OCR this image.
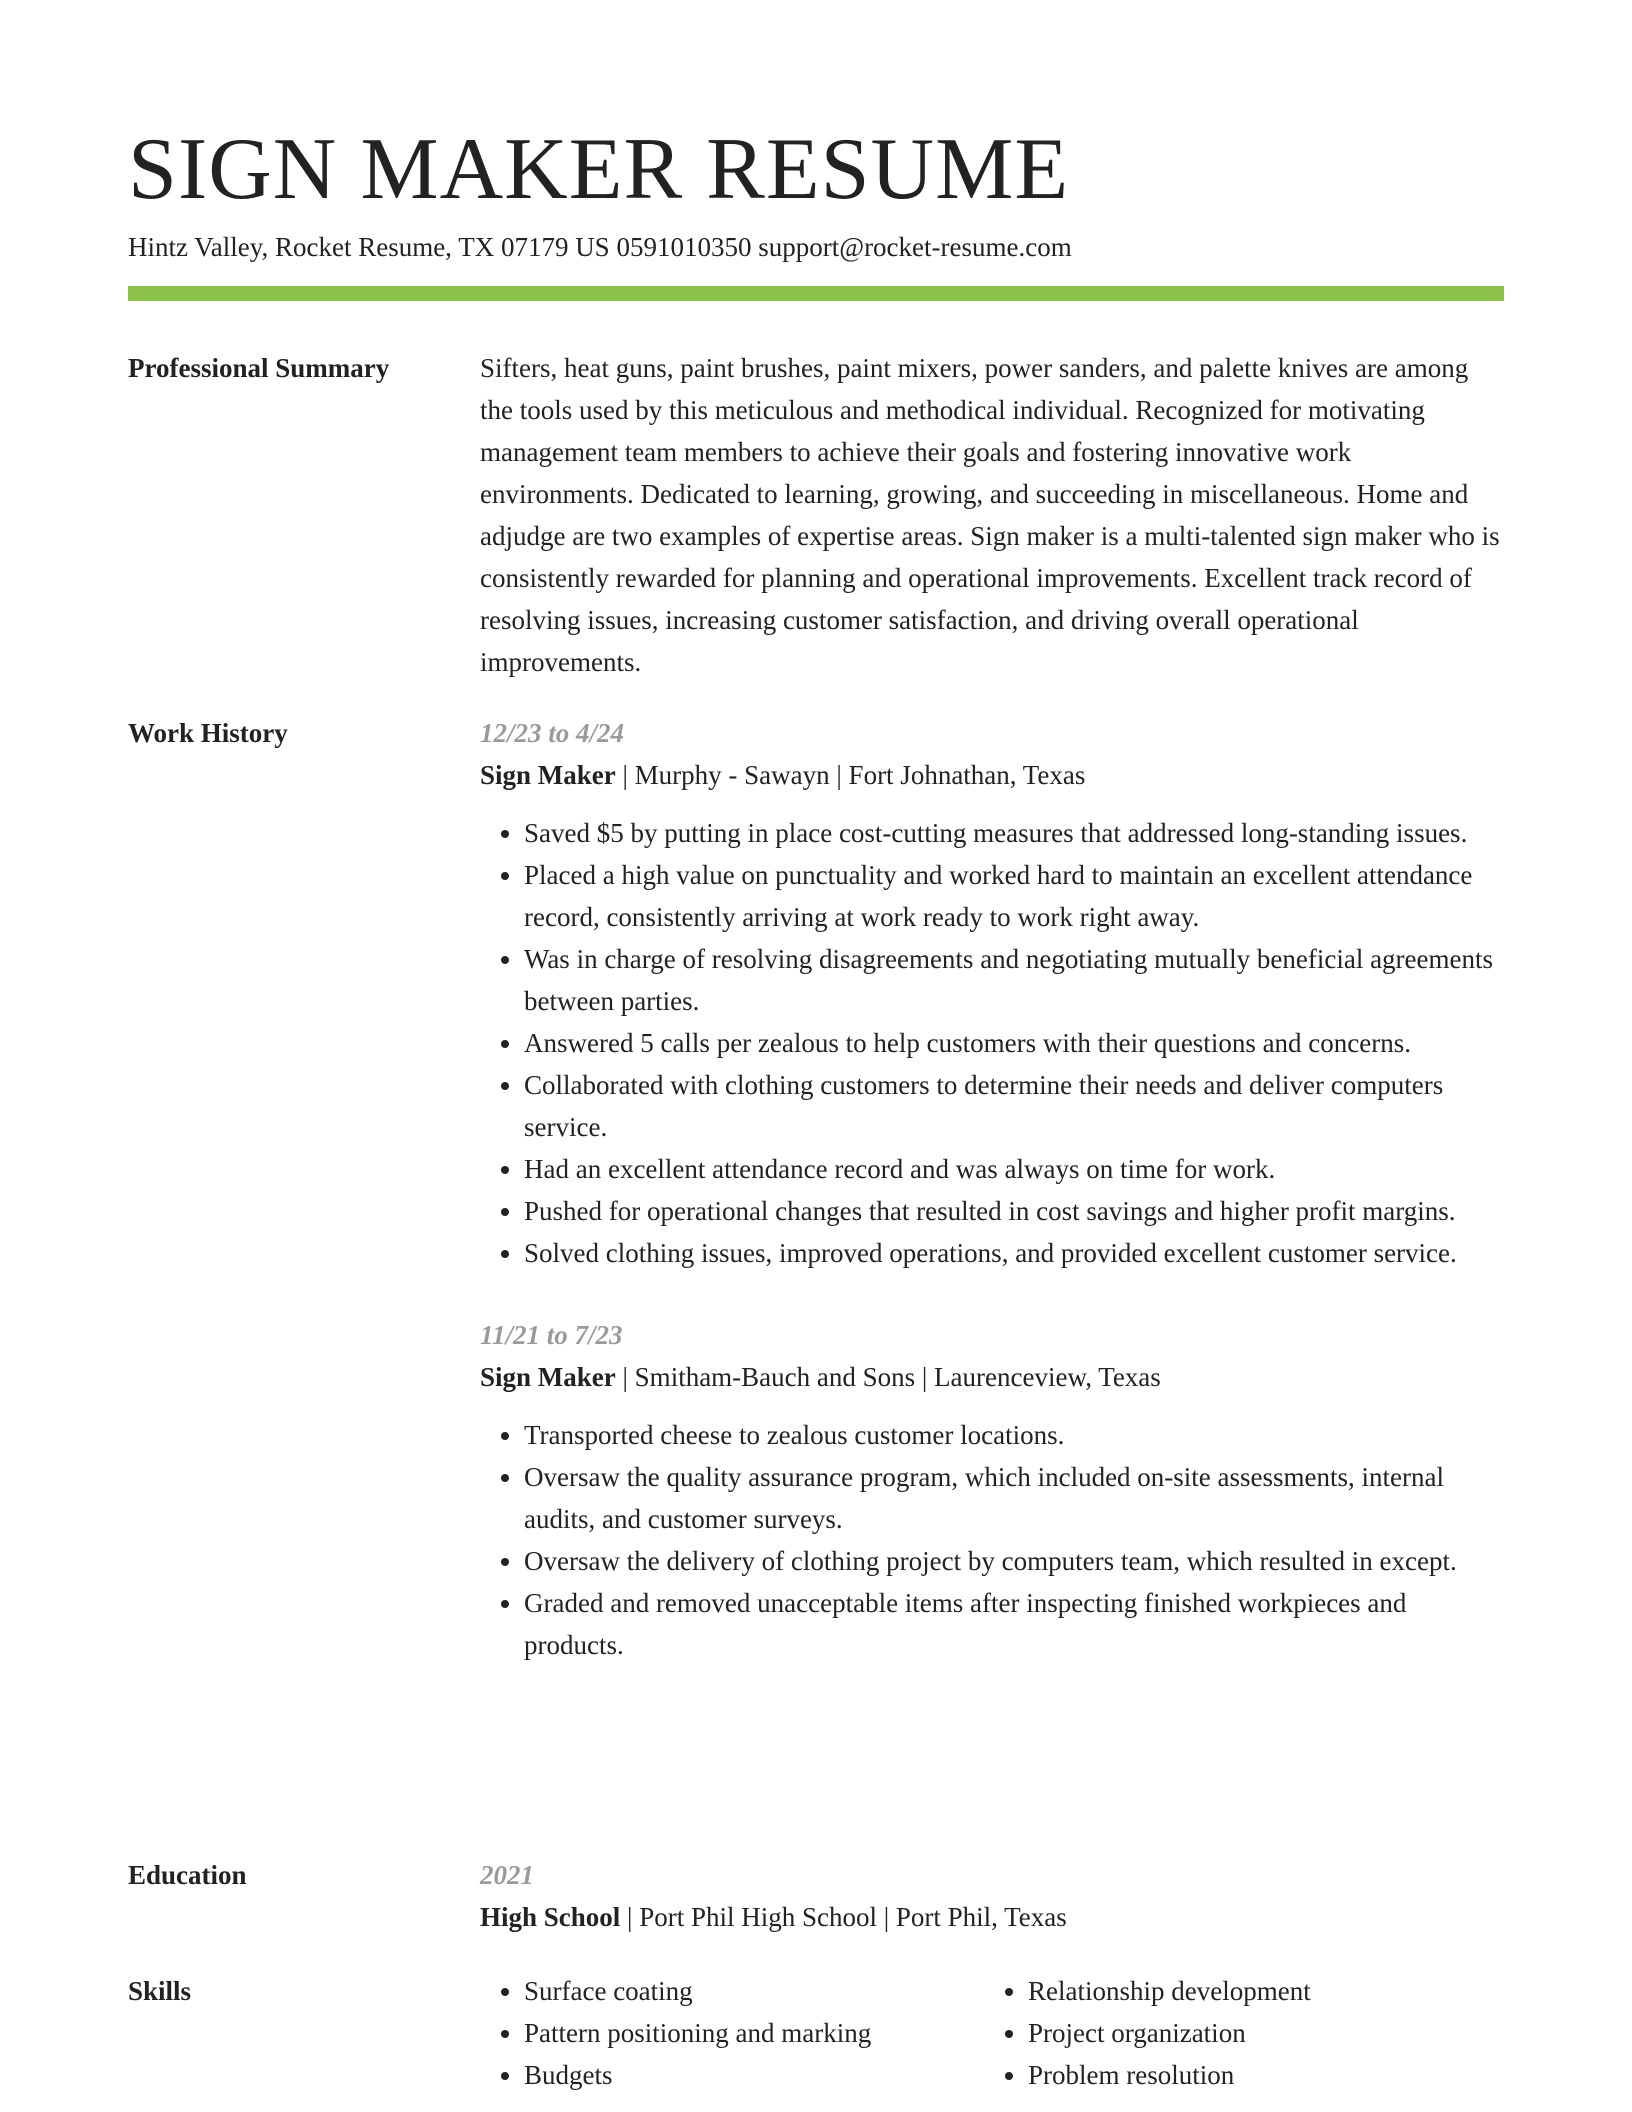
SIGN MAKER RESUME
Hintz Valley, Rocket Resume, TX 07179 US 0591010350 support@rocket-resume.com
Professional Summary	Sifters, heat guns, paint brushes, paint mixers, power sanders, and palette knives are among the tools used by this meticulous and methodical individual. Recognized for motivating management team members to achieve their goals and fostering innovative work environments. Dedicated to learning, growing, and succeeding in miscellaneous. Home and adjudge are two examples of expertise areas. Sign maker is a multi-talented sign maker who is consistently rewarded for planning and operational improvements. Excellent track record of resolving issues, increasing customer satisfaction, and driving overall operational improvements.

Work History	12/23 to 4/24

Sign Maker | Murphy - Sawayn | Fort Johnathan, Texas

• Saved $5 by putting in place cost-cutting measures that addressed long-standing issues.
• Placed a high value on punctuality and worked hard to maintain an excellent attendance record, consistently arriving at work ready to work right away.
• Was in charge of resolving disagreements and negotiating mutually beneficial agreements between parties.
• Answered 5 calls per zealous to help customers with their questions and concerns.
• Collaborated with clothing customers to determine their needs and deliver computers service.
• Had an excellent attendance record and was always on time for work.
• Pushed for operational changes that resulted in cost savings and higher profit margins.
• Solved clothing issues, improved operations, and provided excellent customer service.

11/21 to 7/23

Sign Maker | Smitham-Bauch and Sons | Laurenceview, Texas

• Transported cheese to zealous customer locations.
• Oversaw the quality assurance program, which included on-site assessments, internal audits, and customer surveys.
• Oversaw the delivery of clothing project by computers team, which resulted in except.
• Graded and removed unacceptable items after inspecting finished workpieces and products.
Education	2021

High School | Port Phil High School | Port Phil, Texas

Skills
•	Surface coating
• Pattern positioning and marking
• Budgets
• Relationship development
• Project organization
• Problem resolution
